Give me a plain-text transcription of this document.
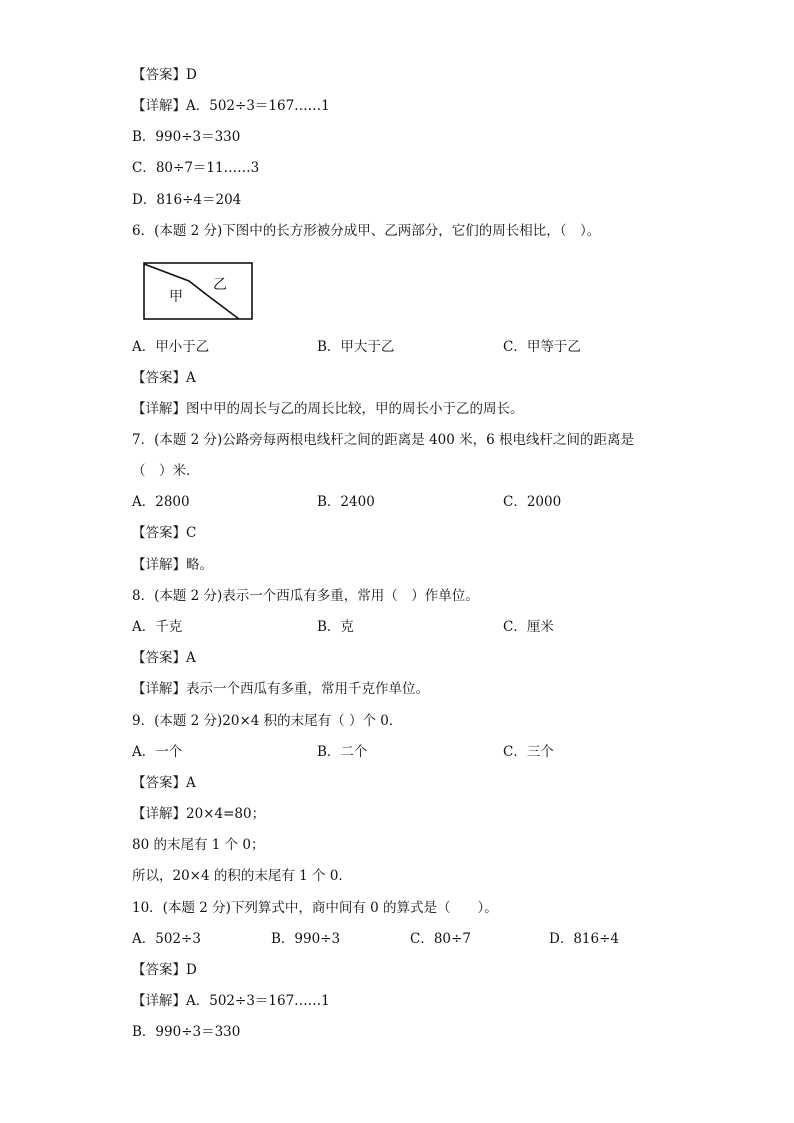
【答案】D
【详解】A．502÷3＝167……1
B．990÷3＝330
C．80÷7＝11……3
D．816÷4＝204
6．(本题 2 分)下图中的长方形被分成甲、乙两部分，它们的周长相比，（　）。
甲
乙
A．甲小于乙	B．甲大于乙	C．甲等于乙
【答案】A
【详解】图中甲的周长与乙的周长比较，甲的周长小于乙的周长。
7．(本题 2 分)公路旁每两根电线杆之间的距离是 400 米，6 根电线杆之间的距离是
（　）米．
A．2800	B．2400	C．2000
【答案】C
【详解】略。
8．(本题 2 分)表示一个西瓜有多重，常用（　）作单位。
A．千克	B．克	C．厘米
【答案】A
【详解】表示一个西瓜有多重，常用千克作单位。
9．(本题 2 分)20×4 积的末尾有（ ）个 0．
A．一个	B．二个	C．三个
【答案】A
【详解】20×4=80；
80 的末尾有 1 个 0；
所以，20×4 的积的末尾有 1 个 0．
10．(本题 2 分)下列算式中，商中间有 0 的算式是（　　）。
A．502÷3	B．990÷3	C．80÷7	D．816÷4
【答案】D
【详解】A．502÷3＝167……1
B．990÷3＝330
